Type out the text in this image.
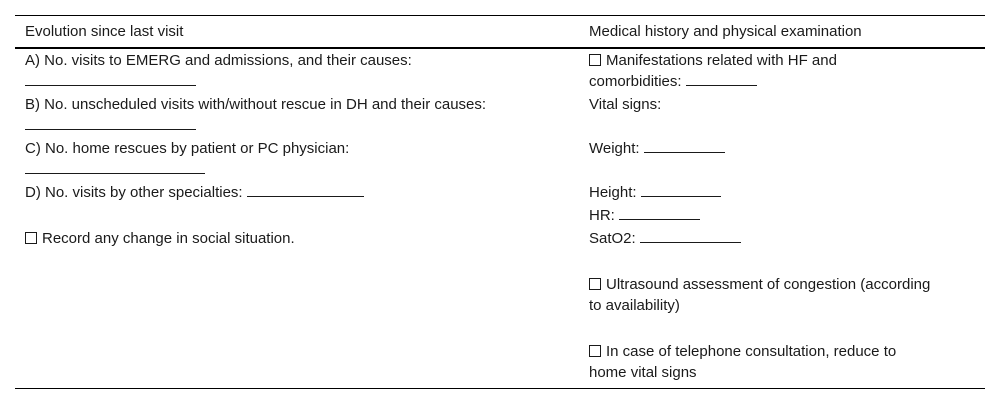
Evolution since last visit	Medical history and physical examination
A) No. visits to EMERG and admissions, and their causes:
B) No. unscheduled visits with/without rescue in DH and their causes:
C) No. home rescues by patient or PC physician:
D) No. visits by other specialties:
Record any change in social situation.
Manifestations related with HF and
comorbidities:
Vital signs:
Weight:
Height:
HR:
SatO2:
Ultrasound assessment of congestion (according
to availability)
In case of telephone consultation, reduce to
home vital signs
